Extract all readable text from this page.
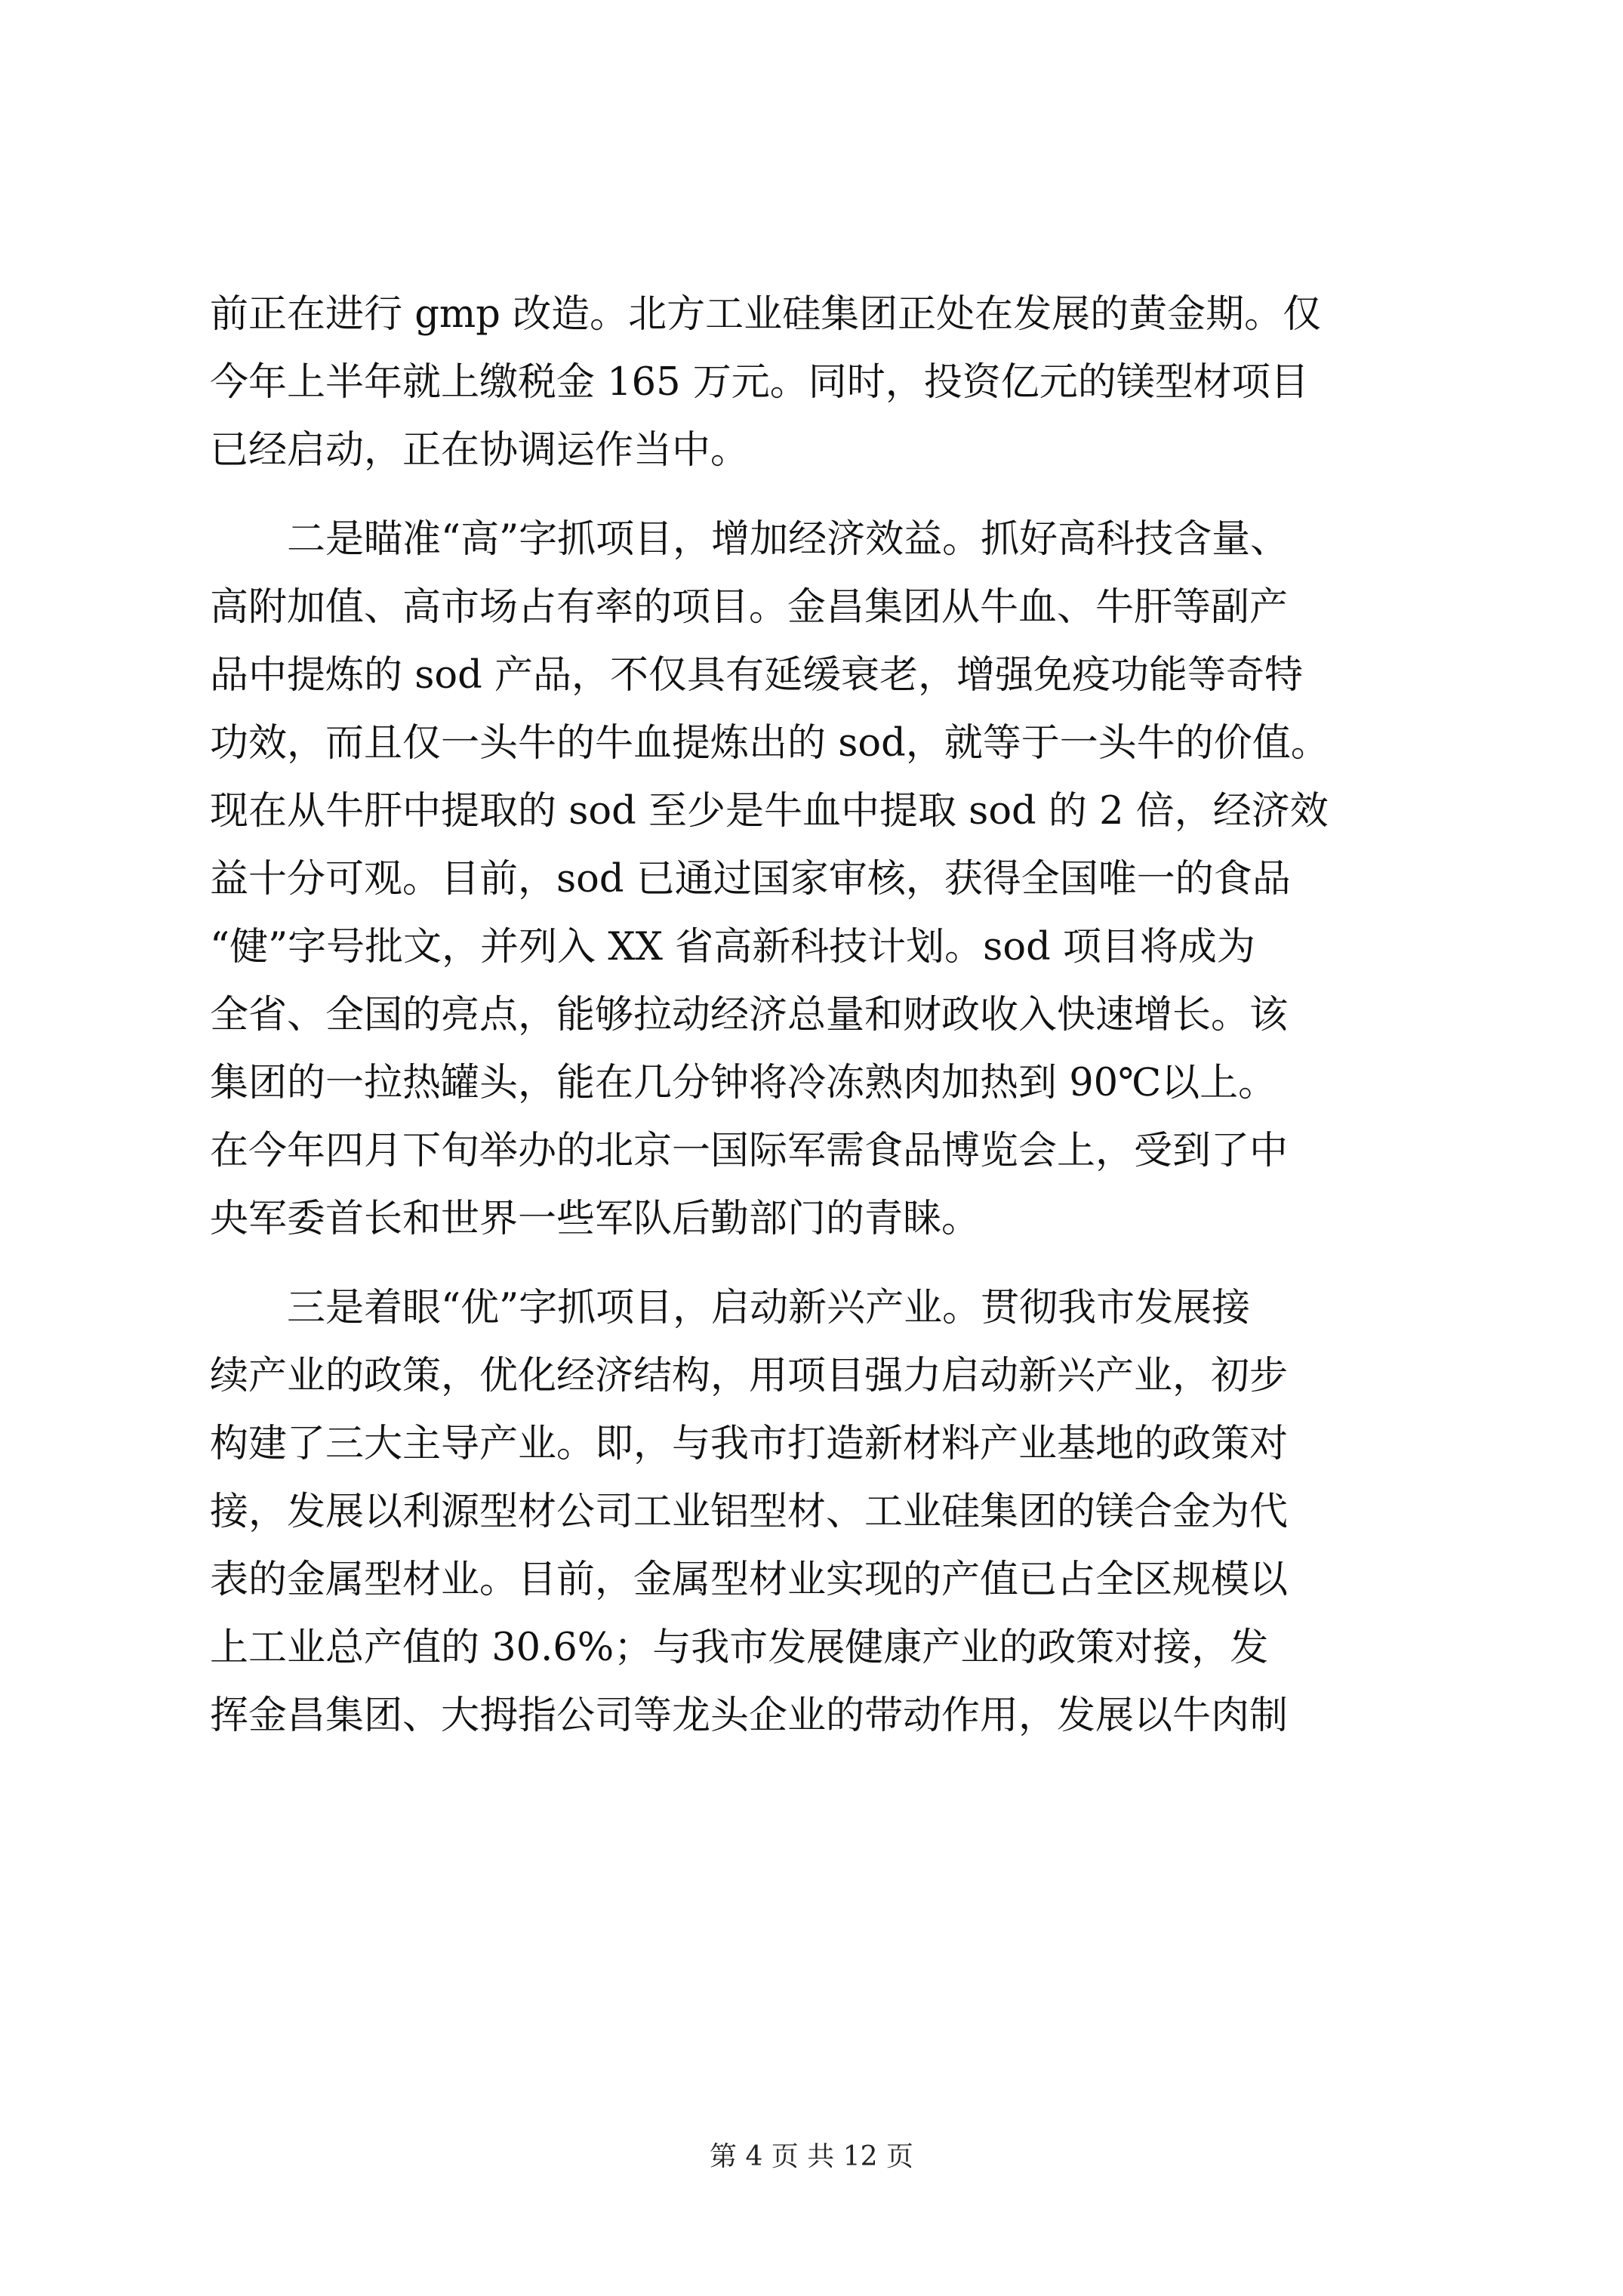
前正在进行 gmp 改造。北方工业硅集团正处在发展的黄金期。仅
今年上半年就上缴税金 165 万元。同时，投资亿元的镁型材项目
已经启动，正在协调运作当中。
二是瞄准“高”字抓项目，增加经济效益。抓好高科技含量、
高附加值、高市场占有率的项目。金昌集团从牛血、牛肝等副产
品中提炼的 sod 产品，不仅具有延缓衰老，增强免疫功能等奇特
功效，而且仅一头牛的牛血提炼出的 sod，就等于一头牛的价值。
现在从牛肝中提取的 sod 至少是牛血中提取 sod 的 2 倍，经济效
益十分可观。目前，sod 已通过国家审核，获得全国唯一的食品
“健”字号批文，并列入 XX 省高新科技计划。sod 项目将成为
全省、全国的亮点，能够拉动经济总量和财政收入快速增长。该
集团的一拉热罐头，能在几分钟将冷冻熟肉加热到 90℃以上。
在今年四月下旬举办的北京一国际军需食品博览会上，受到了中
央军委首长和世界一些军队后勤部门的青睐。
三是着眼“优”字抓项目，启动新兴产业。贯彻我市发展接
续产业的政策，优化经济结构，用项目强力启动新兴产业，初步
构建了三大主导产业。即，与我市打造新材料产业基地的政策对
接，发展以利源型材公司工业铝型材、工业硅集团的镁合金为代
表的金属型材业。目前，金属型材业实现的产值已占全区规模以
上工业总产值的 30.6%；与我市发展健康产业的政策对接，发
挥金昌集团、大拇指公司等龙头企业的带动作用，发展以牛肉制
第 4 页 共 12 页
